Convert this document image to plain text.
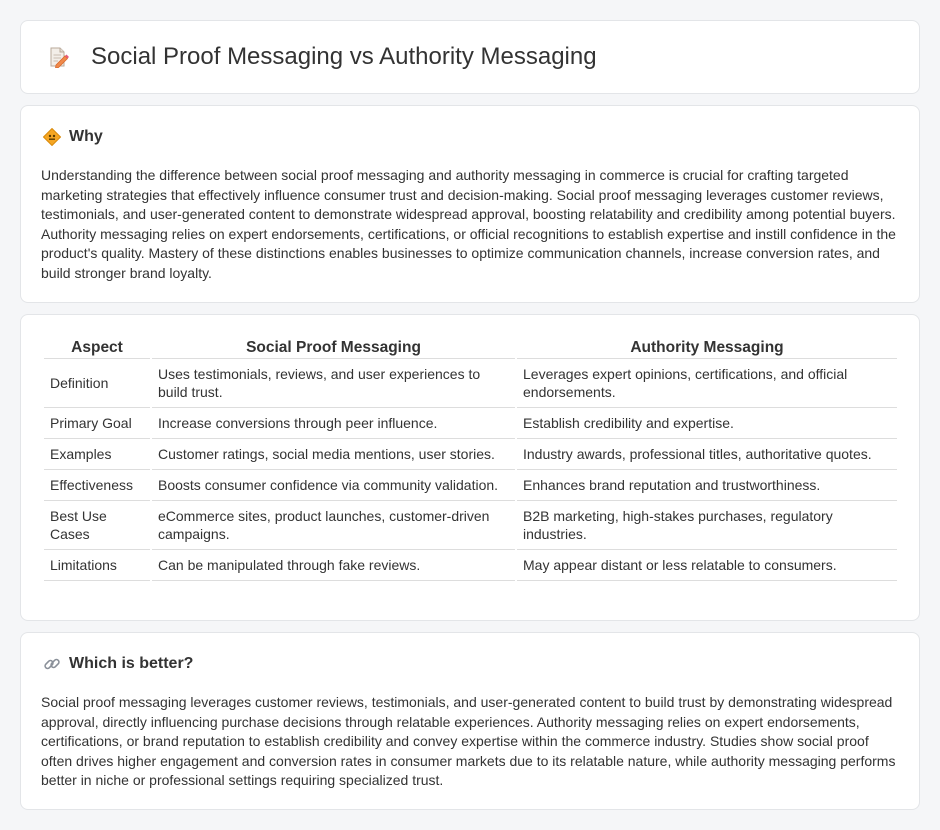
Social Proof Messaging vs Authority Messaging
Why

Understanding the difference between social proof messaging and authority messaging in commerce is crucial for crafting targeted marketing strategies that effectively influence consumer trust and decision-making. Social proof messaging leverages customer reviews, testimonials, and user-generated content to demonstrate widespread approval, boosting relatability and credibility among potential buyers. Authority messaging relies on expert endorsements, certifications, or official recognitions to establish expertise and instill confidence in the product's quality. Mastery of these distinctions enables businesses to optimize communication channels, increase conversion rates, and build stronger brand loyalty.

Aspect	Social Proof Messaging	Authority Messaging
Definition	Uses testimonials, reviews, and user experiences to build trust.	Leverages expert opinions, certifications, and official endorsements.
Primary Goal	Increase conversions through peer influence.	Establish credibility and expertise.
Examples	Customer ratings, social media mentions, user stories.	Industry awards, professional titles, authoritative quotes.
Effectiveness	Boosts consumer confidence via community validation.	Enhances brand reputation and trustworthiness.
Best Use Cases	eCommerce sites, product launches, customer-driven campaigns.	B2B marketing, high-stakes purchases, regulatory industries.
Limitations	Can be manipulated through fake reviews.	May appear distant or less relatable to consumers.
Which is better?

Social proof messaging leverages customer reviews, testimonials, and user-generated content to build trust by demonstrating widespread approval, directly influencing purchase decisions through relatable experiences. Authority messaging relies on expert endorsements, certifications, or brand reputation to establish credibility and convey expertise within the commerce industry. Studies show social proof often drives higher engagement and conversion rates in consumer markets due to its relatable nature, while authority messaging performs better in niche or professional settings requiring specialized trust.
